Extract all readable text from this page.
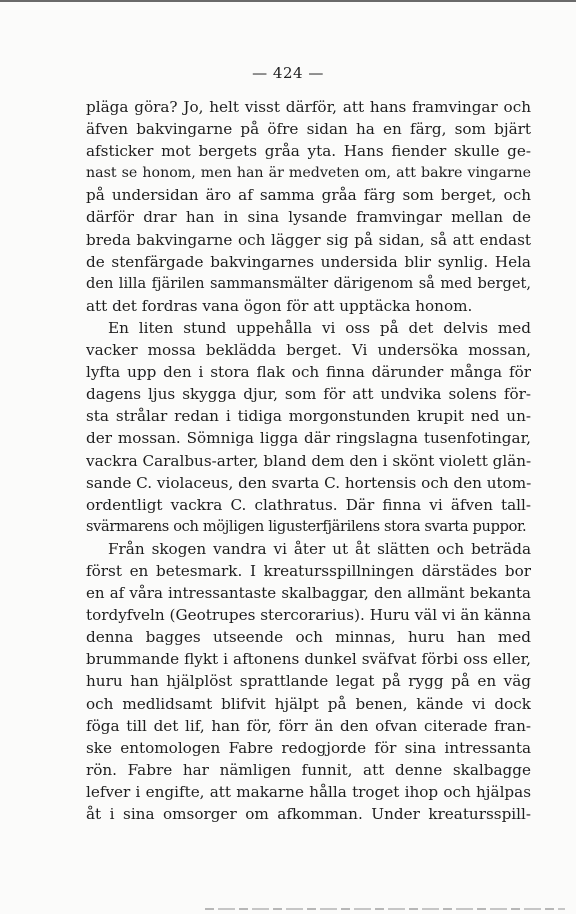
— 424 —
pläga göra? Jo, helt visst därför, att hans framvingar och
äfven bakvingarne på öfre sidan ha en färg, som bjärt
afsticker mot bergets gråa yta. Hans fiender skulle ge-
nast se honom, men han är medveten om, att bakre vingarne
på undersidan äro af samma gråa färg som berget, och
därför drar han in sina lysande framvingar mellan de
breda bakvingarne och lägger sig på sidan, så att endast
de stenfärgade bakvingarnes undersida blir synlig. Hela
den lilla fjärilen sammansmälter därigenom så med berget,
att det fordras vana ögon för att upptäcka honom.
En liten stund uppehålla vi oss på det delvis med
vacker mossa beklädda berget. Vi undersöka mossan,
lyfta upp den i stora flak och finna därunder många för
dagens ljus skygga djur, som för att undvika solens för-
sta strålar redan i tidiga morgonstunden krupit ned un-
der mossan. Sömniga ligga där ringslagna tusenfotingar,
vackra Caralbus-arter, bland dem den i skönt violett glän-
sande C. violaceus, den svarta C. hortensis och den utom-
ordentligt vackra C. clathratus. Där finna vi äfven tall-
svärmarens och möjligen ligusterfjärilens stora svarta puppor.
Från skogen vandra vi åter ut åt slätten och beträda
först en betesmark. I kreatursspillningen därstädes bor
en af våra intressantaste skalbaggar, den allmänt bekanta
tordyfveln (Geotrupes stercorarius). Huru väl vi än känna
denna bagges utseende och minnas, huru han med
brummande flykt i aftonens dunkel sväfvat förbi oss eller,
huru han hjälplöst sprattlande legat på rygg på en väg
och medlidsamt blifvit hjälpt på benen, kände vi dock
föga till det lif, han för, förr än den ofvan citerade fran-
ske entomologen Fabre redogjorde för sina intressanta
rön. Fabre har nämligen funnit, att denne skalbagge
lefver i engifte, att makarne hålla troget ihop och hjälpas
åt i sina omsorger om afkomman. Under kreatursspill-
